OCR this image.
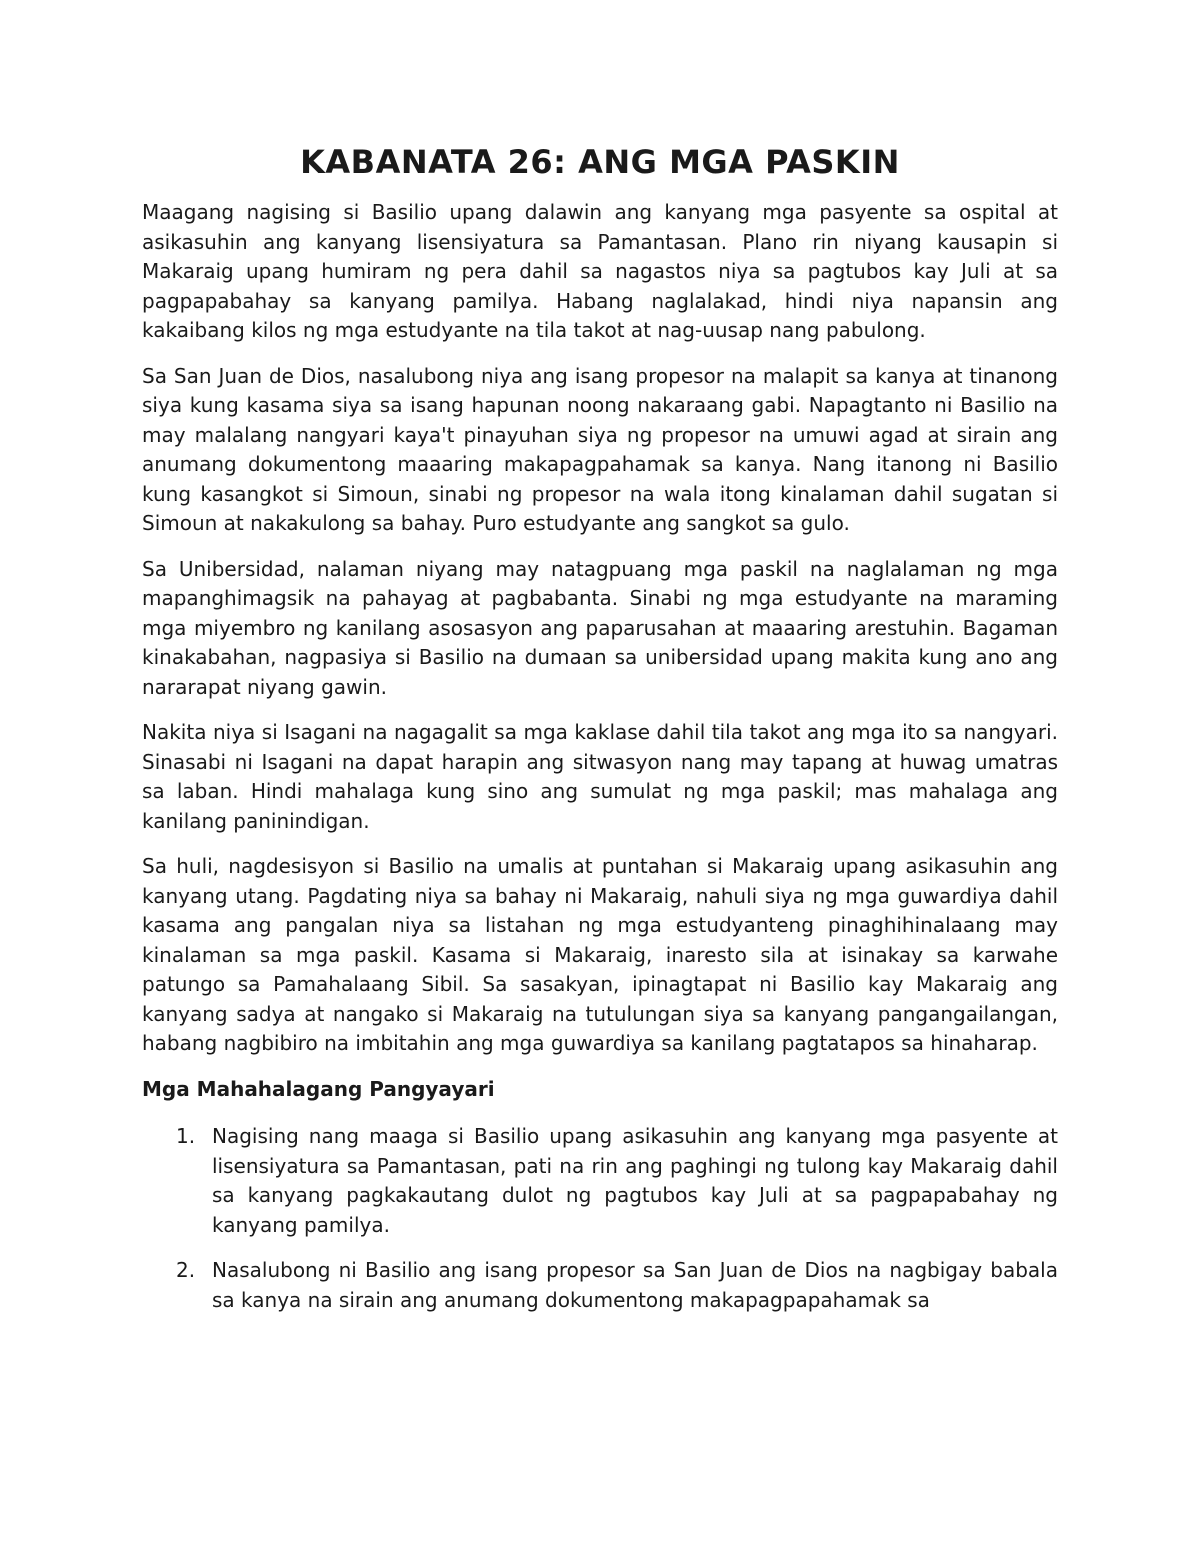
KABANATA 26: ANG MGA PASKIN

Maagang nagising si Basilio upang dalawin ang kanyang mga pasyente sa ospital at asikasuhin ang kanyang lisensiyatura sa Pamantasan. Plano rin niyang kausapin si Makaraig upang humiram ng pera dahil sa nagastos niya sa pagtubos kay Juli at sa pagpapabahay sa kanyang pamilya. Habang naglalakad, hindi niya napansin ang kakaibang kilos ng mga estudyante na tila takot at nag-uusap nang pabulong.

Sa San Juan de Dios, nasalubong niya ang isang propesor na malapit sa kanya at tinanong siya kung kasama siya sa isang hapunan noong nakaraang gabi. Napagtanto ni Basilio na may malalang nangyari kaya't pinayuhan siya ng propesor na umuwi agad at sirain ang anumang dokumentong maaaring makapagpahamak sa kanya. Nang itanong ni Basilio kung kasangkot si Simoun, sinabi ng propesor na wala itong kinalaman dahil sugatan si Simoun at nakakulong sa bahay. Puro estudyante ang sangkot sa gulo.

Sa Unibersidad, nalaman niyang may natagpuang mga paskil na naglalaman ng mga mapanghimagsik na pahayag at pagbabanta. Sinabi ng mga estudyante na maraming mga miyembro ng kanilang asosasyon ang paparusahan at maaaring arestuhin. Bagaman kinakabahan, nagpasiya si Basilio na dumaan sa unibersidad upang makita kung ano ang nararapat niyang gawin.

Nakita niya si Isagani na nagagalit sa mga kaklase dahil tila takot ang mga ito sa nangyari. Sinasabi ni Isagani na dapat harapin ang sitwasyon nang may tapang at huwag umatras sa laban. Hindi mahalaga kung sino ang sumulat ng mga paskil; mas mahalaga ang kanilang paninindigan.

Sa huli, nagdesisyon si Basilio na umalis at puntahan si Makaraig upang asikasuhin ang kanyang utang. Pagdating niya sa bahay ni Makaraig, nahuli siya ng mga guwardiya dahil kasama ang pangalan niya sa listahan ng mga estudyanteng pinaghihinalaang may kinalaman sa mga paskil. Kasama si Makaraig, inaresto sila at isinakay sa karwahe patungo sa Pamahalaang Sibil. Sa sasakyan, ipinagtapat ni Basilio kay Makaraig ang kanyang sadya at nangako si Makaraig na tutulungan siya sa kanyang pangangailangan, habang nagbibiro na imbitahin ang mga guwardiya sa kanilang pagtatapos sa hinaharap.

Mga Mahahalagang Pangyayari
1. Nagising nang maaga si Basilio upang asikasuhin ang kanyang mga pasyente at lisensiyatura sa Pamantasan, pati na rin ang paghingi ng tulong kay Makaraig dahil sa kanyang pagkakautang dulot ng pagtubos kay Juli at sa pagpapabahay ng kanyang pamilya.
2. Nasalubong ni Basilio ang isang propesor sa San Juan de Dios na nagbigay babala sa kanya na sirain ang anumang dokumentong makapagpapahamak sa
